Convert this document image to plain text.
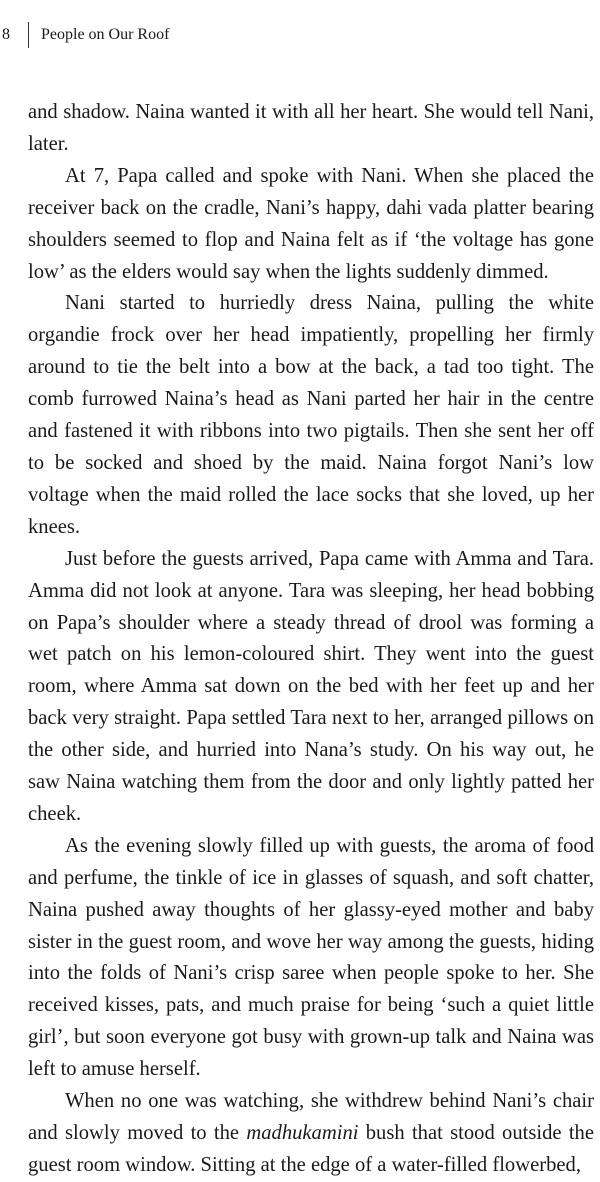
8 People on Our Roof

and shadow. Naina wanted it with all her heart. She would tell Nani, later.

At 7, Papa called and spoke with Nani. When she placed the receiver back on the cradle, Nani’s happy, dahi vada platter bearing shoulders seemed to flop and Naina felt as if ‘the voltage has gone low’ as the elders would say when the lights suddenly dimmed.

Nani started to hurriedly dress Naina, pulling the white organdie frock over her head impatiently, propelling her firmly around to tie the belt into a bow at the back, a tad too tight. The comb furrowed Naina’s head as Nani parted her hair in the centre and fastened it with ribbons into two pigtails. Then she sent her off to be socked and shoed by the maid. Naina forgot Nani’s low voltage when the maid rolled the lace socks that she loved, up her knees.

Just before the guests arrived, Papa came with Amma and Tara. Amma did not look at anyone. Tara was sleeping, her head bobbing on Papa’s shoulder where a steady thread of drool was forming a wet patch on his lemon-coloured shirt. They went into the guest room, where Amma sat down on the bed with her feet up and her back very straight. Papa settled Tara next to her, arranged pillows on the other side, and hurried into Nana’s study. On his way out, he saw Naina watching them from the door and only lightly patted her cheek.

As the evening slowly filled up with guests, the aroma of food and perfume, the tinkle of ice in glasses of squash, and soft chatter, Naina pushed away thoughts of her glassy-eyed mother and baby sister in the guest room, and wove her way among the guests, hiding into the folds of Nani’s crisp saree when people spoke to her. She received kisses, pats, and much praise for being ‘such a quiet little girl’, but soon everyone got busy with grown-up talk and Naina was left to amuse herself.

When no one was watching, she withdrew behind Nani’s chair and slowly moved to the madhukamini bush that stood outside the guest room window. Sitting at the edge of a water-filled flowerbed,
